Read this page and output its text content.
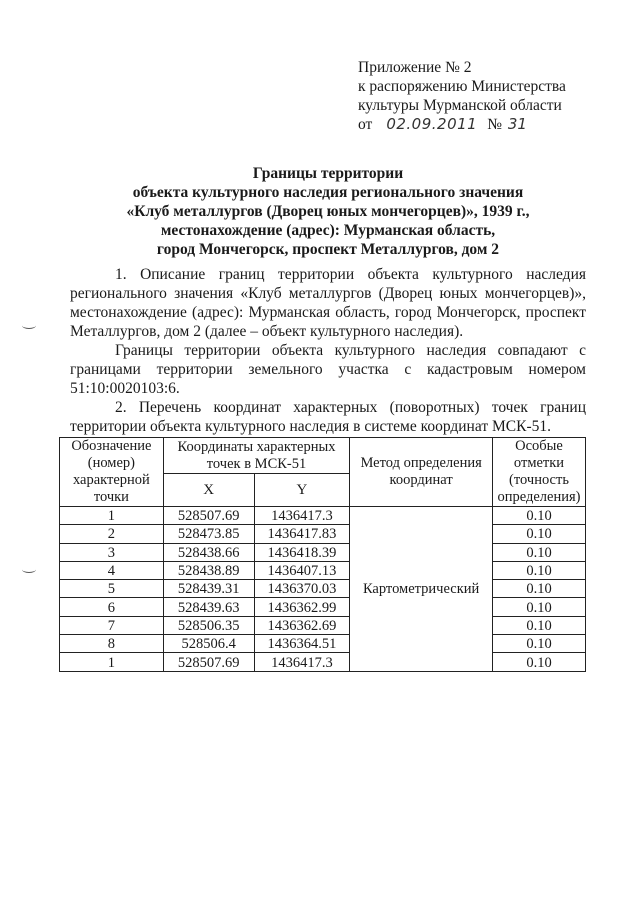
Приложение № 2
к распоряжению Министерства
культуры Мурманской области
от 02.09.2011 № 31
Границы территории
объекта культурного наследия регионального значения
«Клуб металлургов (Дворец юных мончегорцев)», 1939 г.,
местонахождение (адрес): Мурманская область,
город Мончегорск, проспект Металлургов, дом 2

1. Описание границ территории объекта культурного наследия регионального значения «Клуб металлургов (Дворец юных мончегорцев)», местонахождение (адрес): Мурманская область, город Мончегорск, проспект Металлургов, дом 2 (далее – объект культурного наследия).

Границы территории объекта культурного наследия совпадают с границами территории земельного участка с кадастровым номером 51:10:0020103:6.

2. Перечень координат характерных (поворотных) точек границ территории объекта культурного наследия в системе координат МСК-51.

Обозначение (номер) характерной точки	Координаты характерных точек в МСК-51		Метод определения координат	Особые отметки (точность определения)
	X	Y		
1	528507.69	1436417.3	Картометрический	0.10
2	528473.85	1436417.83		0.10
3	528438.66	1436418.39		0.10
4	528438.89	1436407.13		0.10
5	528439.31	1436370.03		0.10
6	528439.63	1436362.99		0.10
7	528506.35	1436362.69		0.10
8	528506.4	1436364.51		0.10
1	528507.69	1436417.3		0.10
